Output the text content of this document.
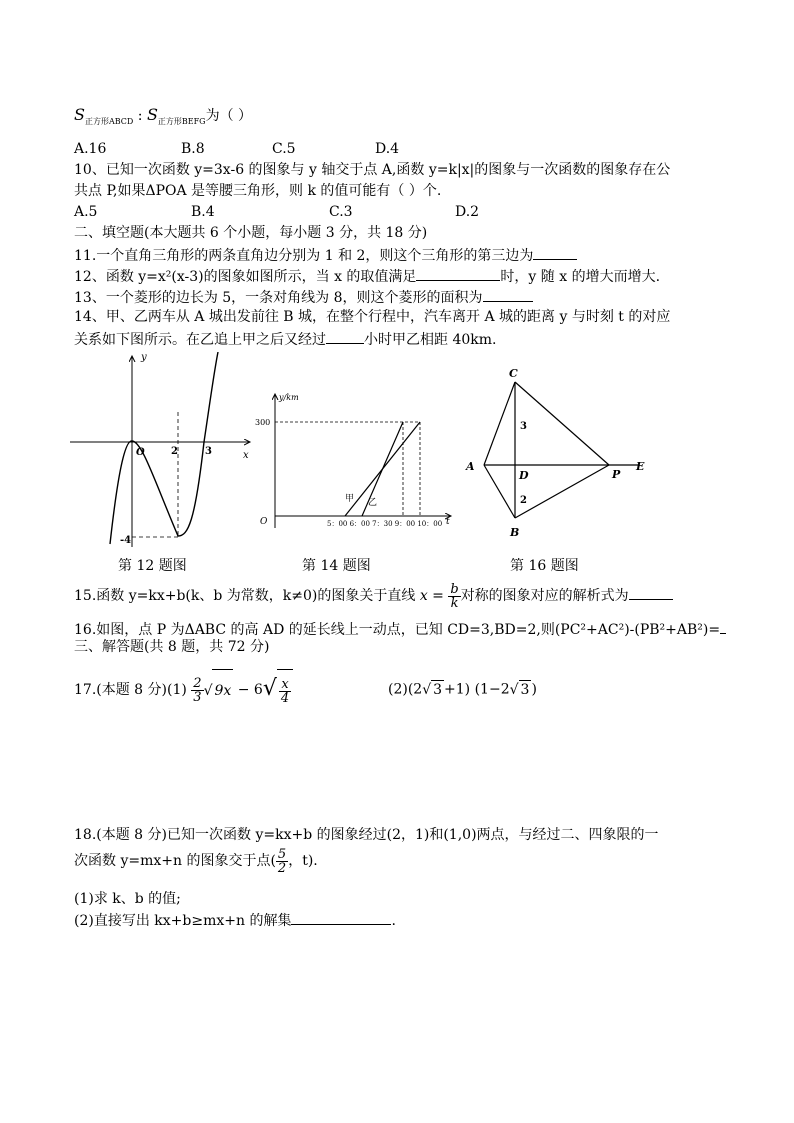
$S_{正方形ABCD}$ : $S_{正方形BEFG}$为（ ）
A.16	B.8	C.5	D.4
10、已知一次函数 y=3x-6 的图象与 y 轴交于点 A,函数 y=k|x|的图象与一次函数的图象存在公
共点 P,如果ΔPOA 是等腰三角形，则 k 的值可能有（ ）个.
A.5	B.4	C.3	D.2
二、填空题(本大题共 6 个小题，每小题 3 分，共 18 分)
11.一个直角三角形的两条直角边分别为 1 和 2，则这个三角形的第三边为
12、函数 y=x²(x-3)的图象如图所示，当 x 的取值满足	时，y 随 x 的增大而增大.
13、一个菱形的边长为 5，一条对角线为 8，则这个菱形的面积为
14、甲、乙两车从 A 城出发前往 B 城，在整个行程中，汽车离开 A 城的距离 y 与时刻 t 的对应
关系如下图所示。在乙追上甲之后又经过	小时甲乙相距 40km.
y
x
O	2	3
-4
第 12 题图
y/km
300
O	t
甲 乙
5：00 6：00 7：30 9：00 10：00
第 14 题图
C
A
D	P
E
B
3
2
第 16 题图
15.函数 y=kx+b(k、b 为常数，k≠0)的图象关于直线 $x = \frac{b}{k}$ 对称的图象对应的解析式为
16.如图，点 P 为ΔABC 的高 AD 的延长线上一动点，已知 CD=3,BD=2,则(PC²+AC²)-(PB²+AB²)=
三、解答题(共 8 题，共 72 分)
17.(本题 8 分)$(1) \frac{2}{3}$ √ $9x - 6√ \frac{x}{4}$	(2)(2√ 3 +1) (1−2√ 3 )
18.(本题 8 分)已知一次函数 y=kx+b 的图象经过(2，1)和(1,0)两点，与经过二、四象限的一
次函数 y=mx+n 的图象交于点( $\frac{5}{2}$ ，t).
(1)求 k、b 的值;
(2)直接写出 kx+b≥mx+n 的解集	.
